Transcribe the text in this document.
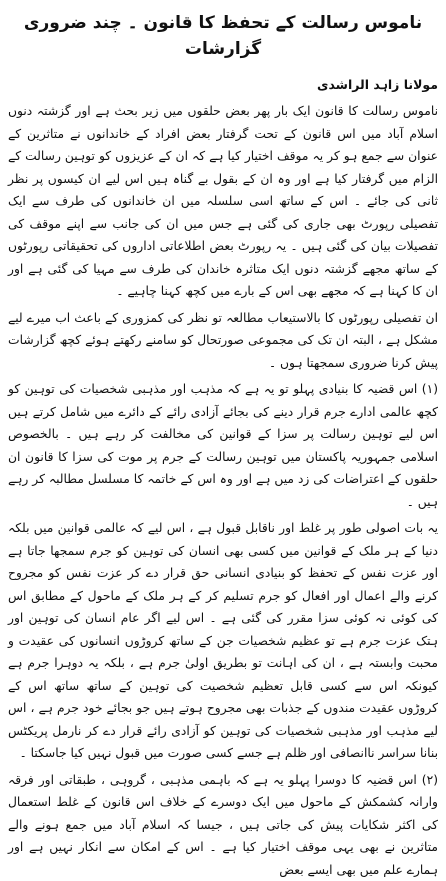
ناموس رسالت کے تحفظ کا قانون ۔ چند ضروری گزارشات
مولانا زاہد الراشدی

ناموس رسالت کا قانون ایک بار پھر بعض حلقوں میں زیر بحث ہے اور گزشتہ دنوں اسلام آباد میں اس قانون کے تحت گرفتار بعض افراد کے خاندانوں نے متاثرین کے عنوان سے جمع ہو کر یہ موقف اختیار کیا ہے کہ ان کے عزیزوں کو توہین رسالت کے الزام میں گرفتار کیا ہے اور وہ ان کے بقول بے گناہ ہیں اس لیے ان کیسوں پر نظر ثانی کی جائے ۔ اس کے ساتھ اسی سلسلہ میں ان خاندانوں کی طرف سے ایک تفصیلی رپورٹ بھی جاری کی گئی ہے جس میں ان کی جانب سے اپنے موقف کی تفصیلات بیان کی گئی ہیں ۔ یہ رپورٹ بعض اطلاعاتی اداروں کی تحقیقاتی رپورٹوں کے ساتھ مجھے گزشتہ دنوں ایک متاثرہ خاندان کی طرف سے مہیا کی گئی ہے اور ان کا کہنا ہے کہ مجھے بھی اس کے بارے میں کچھ کہنا چاہیے ۔

ان تفصیلی رپورٹوں کا بالاستیعاب مطالعہ تو نظر کی کمزوری کے باعث اب میرے لیے مشکل ہے ، البتہ ان تک کی مجموعی صورتحال کو سامنے رکھتے ہوئے کچھ گزارشات پیش کرنا ضروری سمجھتا ہوں ۔

(۱) اس قضیہ کا بنیادی پہلو تو یہ ہے کہ مذہب اور مذہبی شخصیات کی توہین کو کچھ عالمی ادارے جرم قرار دینے کی بجائے آزادی رائے کے دائرے میں شامل کرتے ہیں اس لیے توہین رسالت پر سزا کے قوانین کی مخالفت کر رہے ہیں ۔ بالخصوص اسلامی جمہوریہ پاکستان میں توہین رسالت کے جرم پر موت کی سزا کا قانون ان حلقوں کے اعتراضات کی زد میں ہے اور وہ اس کے خاتمہ کا مسلسل مطالبہ کر رہے ہیں ۔

یہ بات اصولی طور پر غلط اور ناقابل قبول ہے ، اس لیے کہ عالمی قوانین میں بلکہ دنیا کے ہر ملک کے قوانین میں کسی بھی انسان کی توہین کو جرم سمجھا جاتا ہے اور عزت نفس کے تحفظ کو بنیادی انسانی حق قرار دے کر عزت نفس کو مجروح کرنے والے اعمال اور افعال کو جرم تسلیم کر کے ہر ملک کے ماحول کے مطابق اس کی کوئی نہ کوئی سزا مقرر کی گئی ہے ۔ اس لیے اگر عام انسان کی توہین اور ہتک عزت جرم ہے تو عظیم شخصیات جن کے ساتھ کروڑوں انسانوں کی عقیدت و محبت وابستہ ہے ، ان کی اہانت تو بطریق اولیٰ جرم ہے ، بلکہ یہ دوہرا جرم ہے کیونکہ اس سے کسی قابل تعظیم شخصیت کی توہین کے ساتھ ساتھ اس کے کروڑوں عقیدت مندوں کے جذبات بھی مجروح ہوتے ہیں جو بجائے خود جرم ہے ، اس لیے مذہب اور مذہبی شخصیات کی توہین کو آزادی رائے قرار دے کر نارمل پریکٹس بنانا سراسر ناانصافی اور ظلم ہے جسے کسی صورت میں قبول نہیں کیا جاسکتا ۔

(۲) اس قضیہ کا دوسرا پہلو یہ ہے کہ باہمی مذہبی ، گروہی ، طبقاتی اور فرقہ وارانہ کشمکش کے ماحول میں ایک دوسرے کے خلاف اس قانون کے غلط استعمال کی اکثر شکایات پیش کی جاتی ہیں ، جیسا کہ اسلام آباد میں جمع ہونے والے متاثرین نے بھی یہی موقف اختیار کیا ہے ۔ اس کے امکان سے انکار نہیں ہے اور ہمارے علم میں بھی ایسے بعض
